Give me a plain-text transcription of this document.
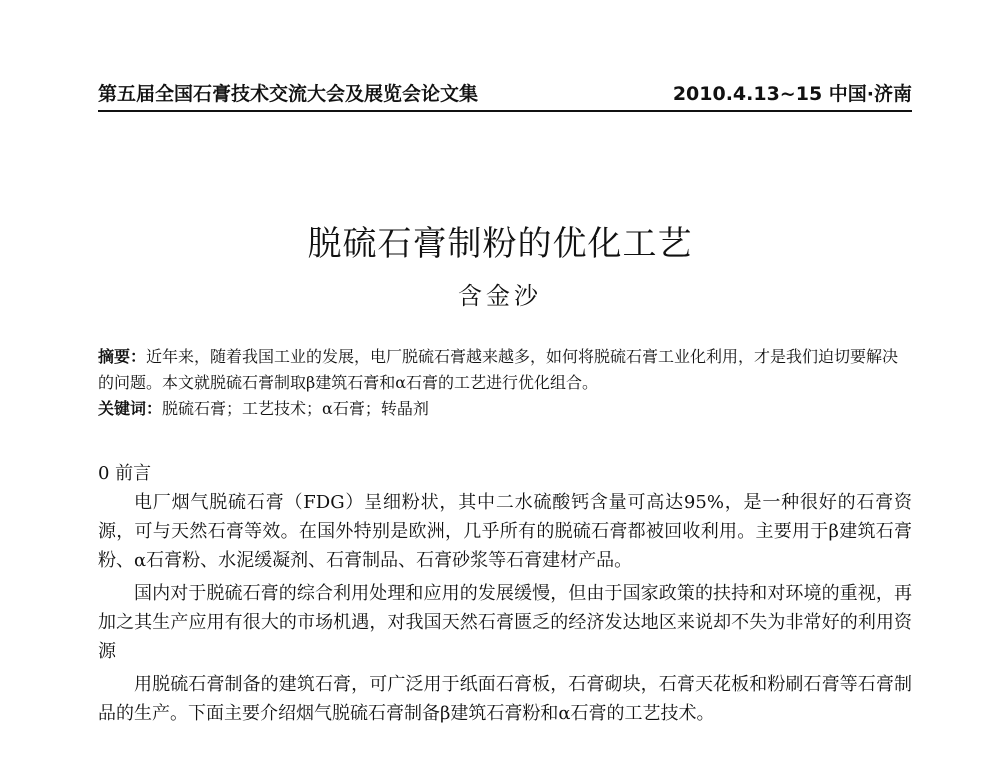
第五届全国石膏技术交流大会及展览会论文集	2010.4.13~15 中国·济南
脱硫石膏制粉的优化工艺
含金沙
摘要：近年来，随着我国工业的发展，电厂脱硫石膏越来越多，如何将脱硫石膏工业化利用，才是我们迫切要解决的问题。本文就脱硫石膏制取β建筑石膏和α石膏的工艺进行优化组合。
关键词：脱硫石膏；工艺技术；α石膏；转晶剂
0 前言

电厂烟气脱硫石膏（FDG）呈细粉状，其中二水硫酸钙含量可高达95%，是一种很好的石膏资源，可与天然石膏等效。在国外特别是欧洲，几乎所有的脱硫石膏都被回收利用。主要用于β建筑石膏粉、α石膏粉、水泥缓凝剂、石膏制品、石膏砂浆等石膏建材产品。

国内对于脱硫石膏的综合利用处理和应用的发展缓慢，但由于国家政策的扶持和对环境的重视，再加之其生产应用有很大的市场机遇，对我国天然石膏匮乏的经济发达地区来说却不失为非常好的利用资源

用脱硫石膏制备的建筑石膏，可广泛用于纸面石膏板，石膏砌块，石膏天花板和粉刷石膏等石膏制品的生产。下面主要介绍烟气脱硫石膏制备β建筑石膏粉和α石膏的工艺技术。
